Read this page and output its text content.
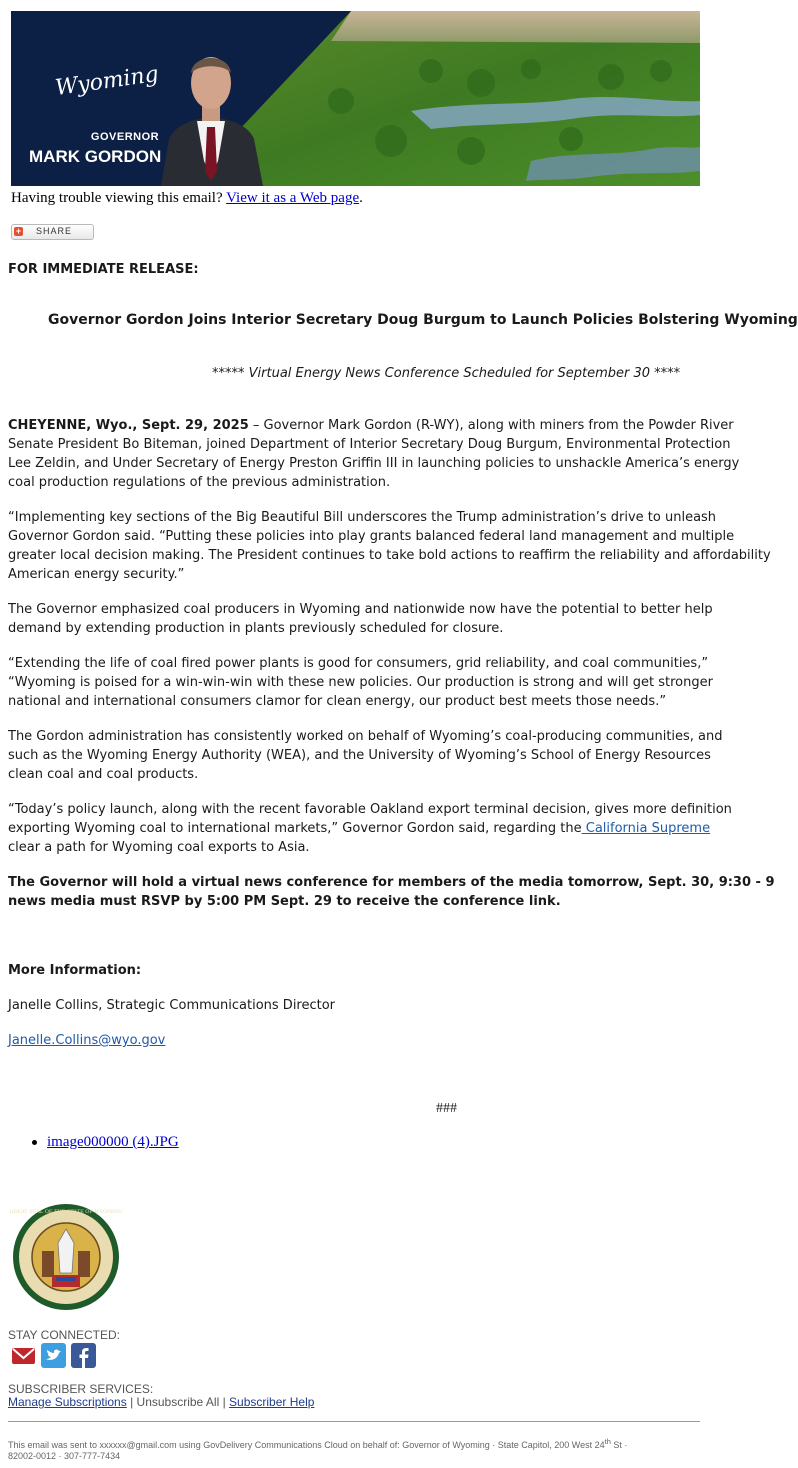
Wyoming
GOVERNOR
MARK GORDON
Having trouble viewing this email? View it as a Web page.
+ SHARE
FOR IMMEDIATE RELEASE:
Governor Gordon Joins Interior Secretary Doug Burgum to Launch Policies Bolstering Wyoming
***** Virtual Energy News Conference Scheduled for September 30 ****
CHEYENNE, Wyo., Sept. 29, 2025 – Governor Mark Gordon (R-WY), along with miners from the Powder River
Senate President Bo Biteman, joined Department of Interior Secretary Doug Burgum, Environmental Protection
Lee Zeldin, and Under Secretary of Energy Preston Griffin III in launching policies to unshackle America’s energy
coal production regulations of the previous administration.
“Implementing key sections of the Big Beautiful Bill underscores the Trump administration’s drive to unleash
Governor Gordon said. “Putting these policies into play grants balanced federal land management and multiple
greater local decision making. The President continues to take bold actions to reaffirm the reliability and affordability
American energy security.”
The Governor emphasized coal producers in Wyoming and nationwide now have the potential to better help
demand by extending production in plants previously scheduled for closure.
“Extending the life of coal fired power plants is good for consumers, grid reliability, and coal communities,”
“Wyoming is poised for a win-win-win with these new policies. Our production is strong and will get stronger
national and international consumers clamor for clean energy, our product best meets those needs.”
The Gordon administration has consistently worked on behalf of Wyoming’s coal-producing communities, and
such as the Wyoming Energy Authority (WEA), and the University of Wyoming’s School of Energy Resources
clean coal and coal products.
“Today’s policy launch, along with the recent favorable Oakland export terminal decision, gives more definition
exporting Wyoming coal to international markets,” Governor Gordon said, regarding the California Supreme
clear a path for Wyoming coal exports to Asia.
The Governor will hold a virtual news conference for members of the media tomorrow, Sept. 30, 9:30 - 9
news media must RSVP by 5:00 PM Sept. 29 to receive the conference link.
More Information:
Janelle Collins, Strategic Communications Director
Janelle.Collins@wyo.gov
###
image000000 (4).JPG
GREAT SEAL OF THE STATE OF WYOMING
STAY CONNECTED:
SUBSCRIBER SERVICES:
Manage Subscriptions | Unsubscribe All | Subscriber Help
This email was sent to xxxxxx@gmail.com using GovDelivery Communications Cloud on behalf of: Governor of Wyoming · State Capitol, 200 West 24th St ·
82002-0012 · 307-777-7434
